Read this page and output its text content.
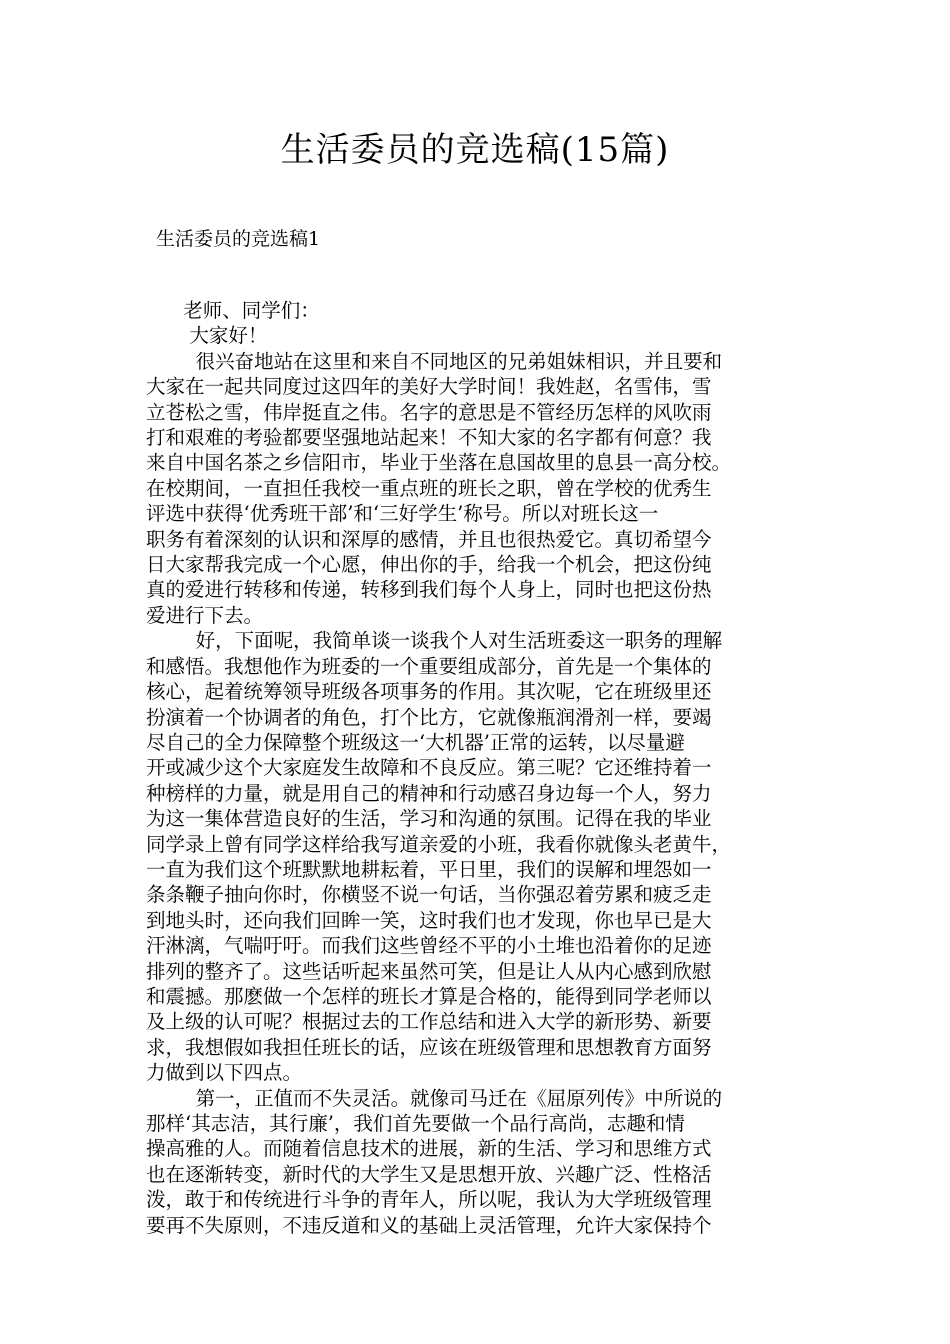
生活委员的竞选稿(15篇)
生活委员的竞选稿1
老师、同学们：
大家好！
很兴奋地站在这里和来自不同地区的兄弟姐妹相识，并且要和
大家在一起共同度过这四年的美好大学时间！我姓赵，名雪伟，雪
立苍松之雪，伟岸挺直之伟。名字的意思是不管经历怎样的风吹雨
打和艰难的考验都要坚强地站起来！不知大家的名字都有何意？我
来自中国名茶之乡信阳市，毕业于坐落在息国故里的息县一高分校。
在校期间，一直担任我校一重点班的班长之职，曾在学校的优秀生
评选中获得‘优秀班干部’和‘三好学生’称号。所以对班长这一
职务有着深刻的认识和深厚的感情，并且也很热爱它。真切希望今
日大家帮我完成一个心愿，伸出你的手，给我一个机会，把这份纯
真的爱进行转移和传递，转移到我们每个人身上，同时也把这份热
爱进行下去。
好，下面呢，我简单谈一谈我个人对生活班委这一职务的理解
和感悟。我想他作为班委的一个重要组成部分，首先是一个集体的
核心，起着统筹领导班级各项事务的作用。其次呢，它在班级里还
扮演着一个协调者的角色，打个比方，它就像瓶润滑剂一样，要竭
尽自己的全力保障整个班级这一‘大机器’正常的运转，以尽量避
开或减少这个大家庭发生故障和不良反应。第三呢？它还维持着一
种榜样的力量，就是用自己的精神和行动感召身边每一个人，努力
为这一集体营造良好的生活，学习和沟通的氛围。记得在我的毕业
同学录上曾有同学这样给我写道亲爱的小班，我看你就像头老黄牛，
一直为我们这个班默默地耕耘着，平日里，我们的误解和埋怨如一
条条鞭子抽向你时，你横竖不说一句话，当你强忍着劳累和疲乏走
到地头时，还向我们回眸一笑，这时我们也才发现，你也早已是大
汗淋漓，气喘吁吁。而我们这些曾经不平的小土堆也沿着你的足迹
排列的整齐了。这些话听起来虽然可笑，但是让人从内心感到欣慰
和震撼。那麽做一个怎样的班长才算是合格的，能得到同学老师以
及上级的认可呢？根据过去的工作总结和进入大学的新形势、新要
求，我想假如我担任班长的话，应该在班级管理和思想教育方面努
力做到以下四点。
第一，正值而不失灵活。就像司马迁在《屈原列传》中所说的
那样‘其志洁，其行廉’，我们首先要做一个品行高尚，志趣和情
操高雅的人。而随着信息技术的进展，新的生活、学习和思维方式
也在逐渐转变，新时代的大学生又是思想开放、兴趣广泛、性格活
泼，敢于和传统进行斗争的青年人，所以呢，我认为大学班级管理
要再不失原则，不违反道和义的基础上灵活管理，允许大家保持个
